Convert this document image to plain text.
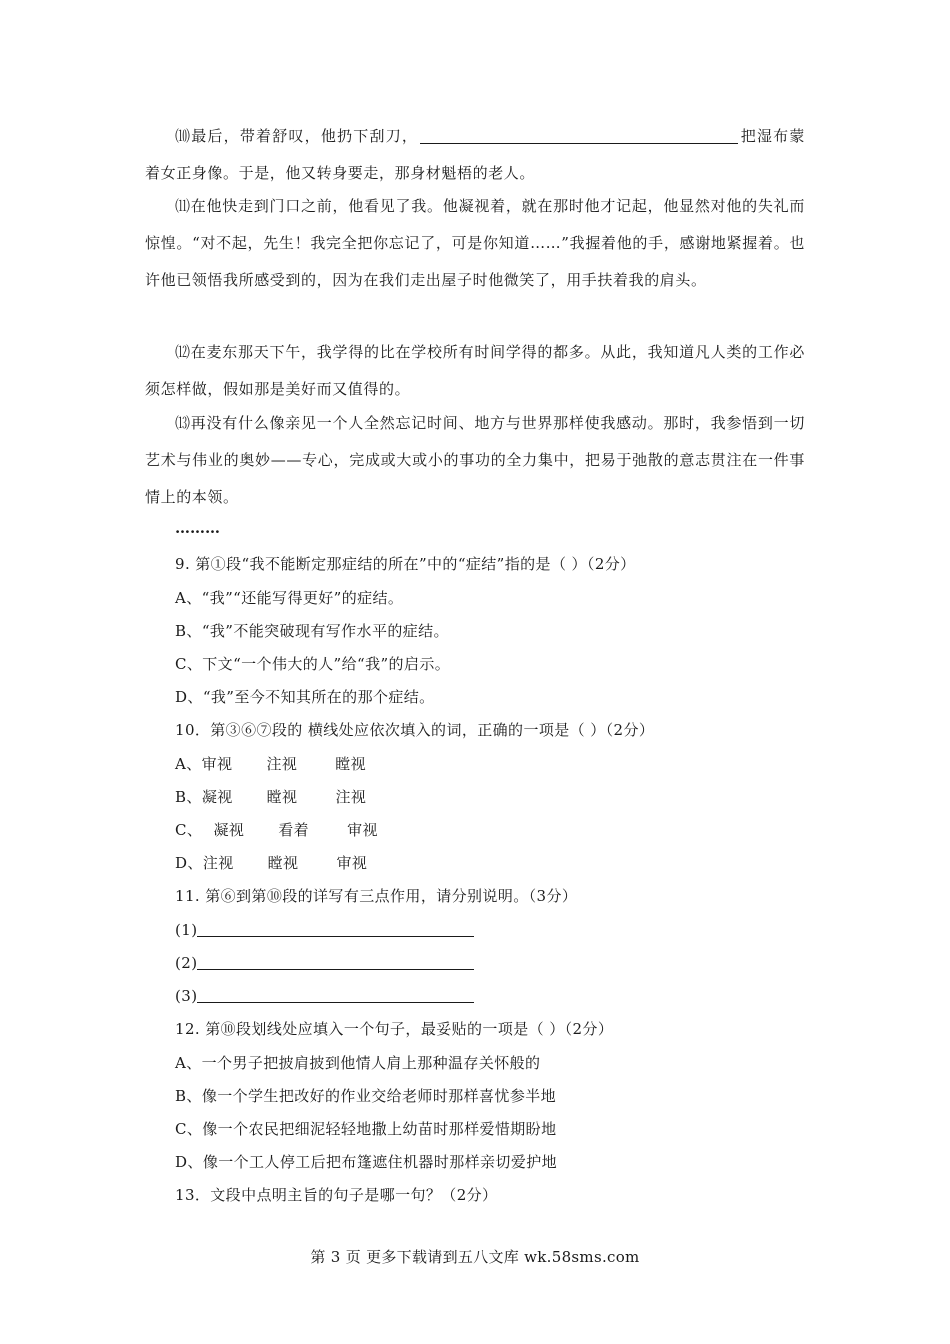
⑽最后，带着舒叹，他扔下刮刀，	把湿布蒙着女正身像。于是，他又转身要走，那身材魁梧的老人。

⑾在他快走到门口之前，他看见了我。他凝视着，就在那时他才记起，他显然对他的失礼而惊惶。“对不起，先生！我完全把你忘记了，可是你知道……”我握着他的手，感谢地紧握着。也许他已领悟我所感受到的，因为在我们走出屋子时他微笑了，用手扶着我的肩头。

⑿在麦东那天下午，我学得的比在学校所有时间学得的都多。从此，我知道凡人类的工作必须怎样做，假如那是美好而又值得的。

⒀再没有什么像亲见一个人全然忘记时间、地方与世界那样使我感动。那时，我参悟到一切艺术与伟业的奥妙——专心，完成或大或小的事功的全力集中，把易于弛散的意志贯注在一件事情上的本领。

………

9. 第①段“我不能断定那症结的所在”中的“症结”指的是（ ）（2分）

A、“我”“还能写得更好”的症结。

B、“我”不能突破现有写作水平的症结。

C、下文“一个伟大的人”给“我”的启示。

D、“我”至今不知其所在的那个症结。

10．第③⑥⑦段的 横线处应依次填入的词，正确的一项是（ ）（2分）

A、审视 注视	瞠视

B、凝视 瞠视	注视

C、 凝视 看着	审视

D、注视 瞠视	审视

11. 第⑥到第⑩段的详写有三点作用，请分别说明。（3分）

(1)

(2)

(3)

12. 第⑩段划线处应填入一个句子，最妥贴的一项是（ ）（2分）

A、一个男子把披肩披到他情人肩上那种温存关怀般的

B、像一个学生把改好的作业交给老师时那样喜忧参半地

C、像一个农民把细泥轻轻地撒上幼苗时那样爱惜期盼地

D、像一个工人停工后把布篷遮住机器时那样亲切爱护地

13．文段中点明主旨的句子是哪一句？（2分）

第 3 页 更多下载请到五八文库 wk.58sms.com
